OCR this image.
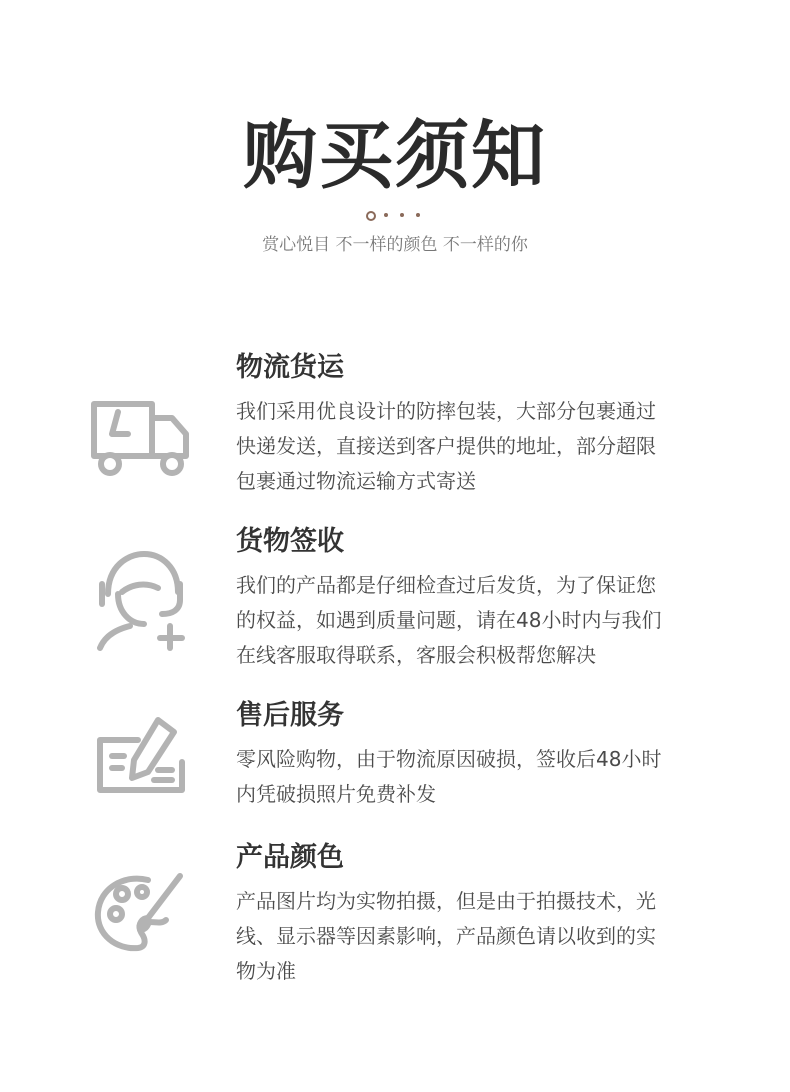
购买须知
赏心悦目 不一样的颜色 不一样的你
物流货运
我们采用优良设计的防摔包装，大部分包裹通过
快递发送，直接送到客户提供的地址，部分超限
包裹通过物流运输方式寄送
货物签收
我们的产品都是仔细检查过后发货，为了保证您
的权益，如遇到质量问题，请在48小时内与我们
在线客服取得联系，客服会积极帮您解决
售后服务
零风险购物，由于物流原因破损，签收后48小时
内凭破损照片免费补发
产品颜色
产品图片均为实物拍摄，但是由于拍摄技术，光
线、显示器等因素影响，产品颜色请以收到的实
物为准
